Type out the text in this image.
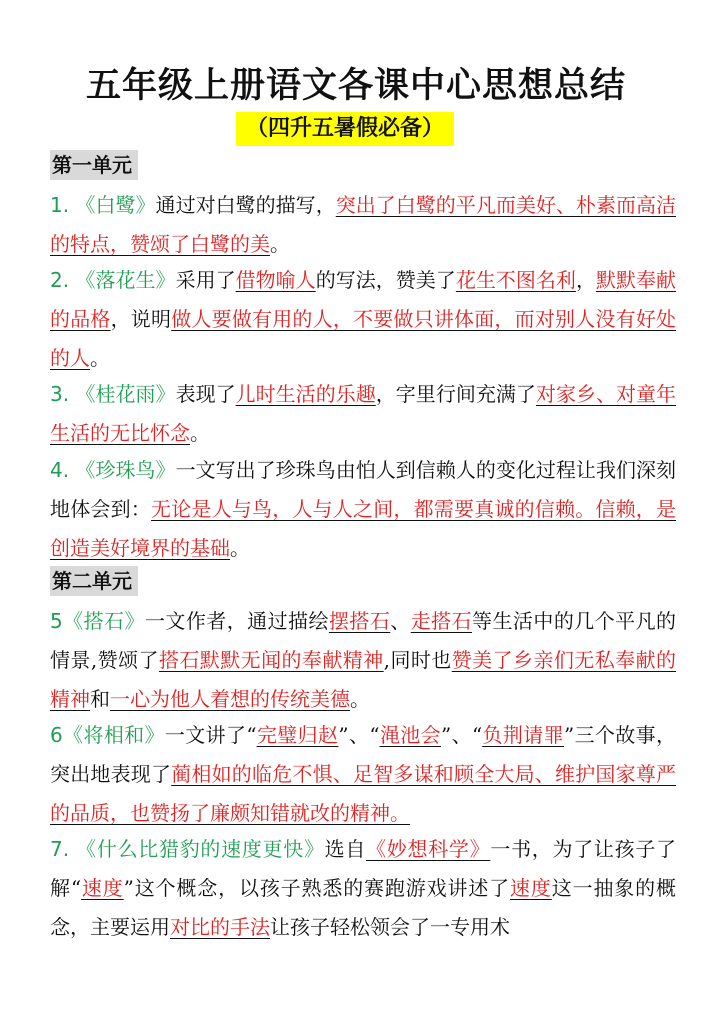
五年级上册语文各课中心思想总结
（四升五暑假必备）
第一单元
1. 《白鹭》通过对白鹭的描写，突出了白鹭的平凡而美好、朴素而高洁的特点，赞颂了白鹭的美。
2. 《落花生》采用了借物喻人的写法，赞美了花生不图名利，默默奉献的品格，说明做人要做有用的人，不要做只讲体面，而对别人没有好处的人。
3. 《桂花雨》表现了儿时生活的乐趣，字里行间充满了对家乡、对童年生活的无比怀念。
4. 《珍珠鸟》一文写出了珍珠鸟由怕人到信赖人的变化过程让我们深刻地体会到：无论是人与鸟，人与人之间，都需要真诚的信赖。信赖，是创造美好境界的基础。
第二单元
5《搭石》一文作者，通过描绘摆搭石、走搭石等生活中的几个平凡的情景,赞颂了搭石默默无闻的奉献精神,同时也赞美了乡亲们无私奉献的精神和一心为他人着想的传统美德。
6《将相和》一文讲了“完璧归赵”、“渑池会”、“负荆请罪”三个故事，突出地表现了蔺相如的临危不惧、足智多谋和顾全大局、维护国家尊严的品质，也赞扬了廉颇知错就改的精神。
7. 《什么比猎豹的速度更快》选自《妙想科学》一书，为了让孩子了解“速度”这个概念，以孩子熟悉的赛跑游戏讲述了速度这一抽象的概念，主要运用对比的手法让孩子轻松领会了一专用术
